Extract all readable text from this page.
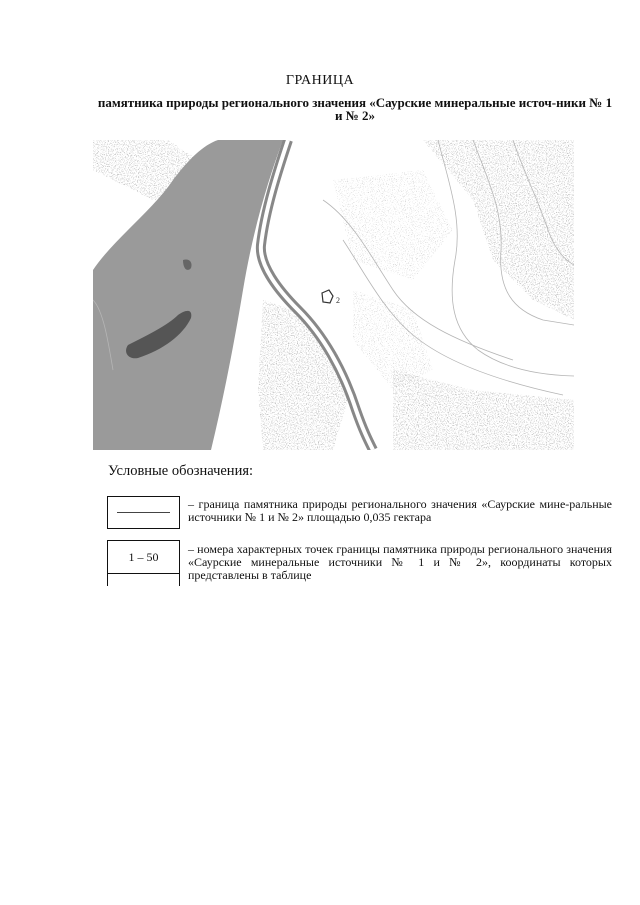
ГРАНИЦА
памятника природы регионального значения «Саурские минеральные источ-ники № 1 и № 2»
2
Условные обозначения:
– граница памятника природы регионального значения «Саурские мине-ральные источники № 1 и № 2» площадью 0,035 гектара
1 – 50
– номера характерных точек границы памятника природы регионального значения «Саурские минеральные источники № 1 и № 2», координаты которых представлены в таблице
